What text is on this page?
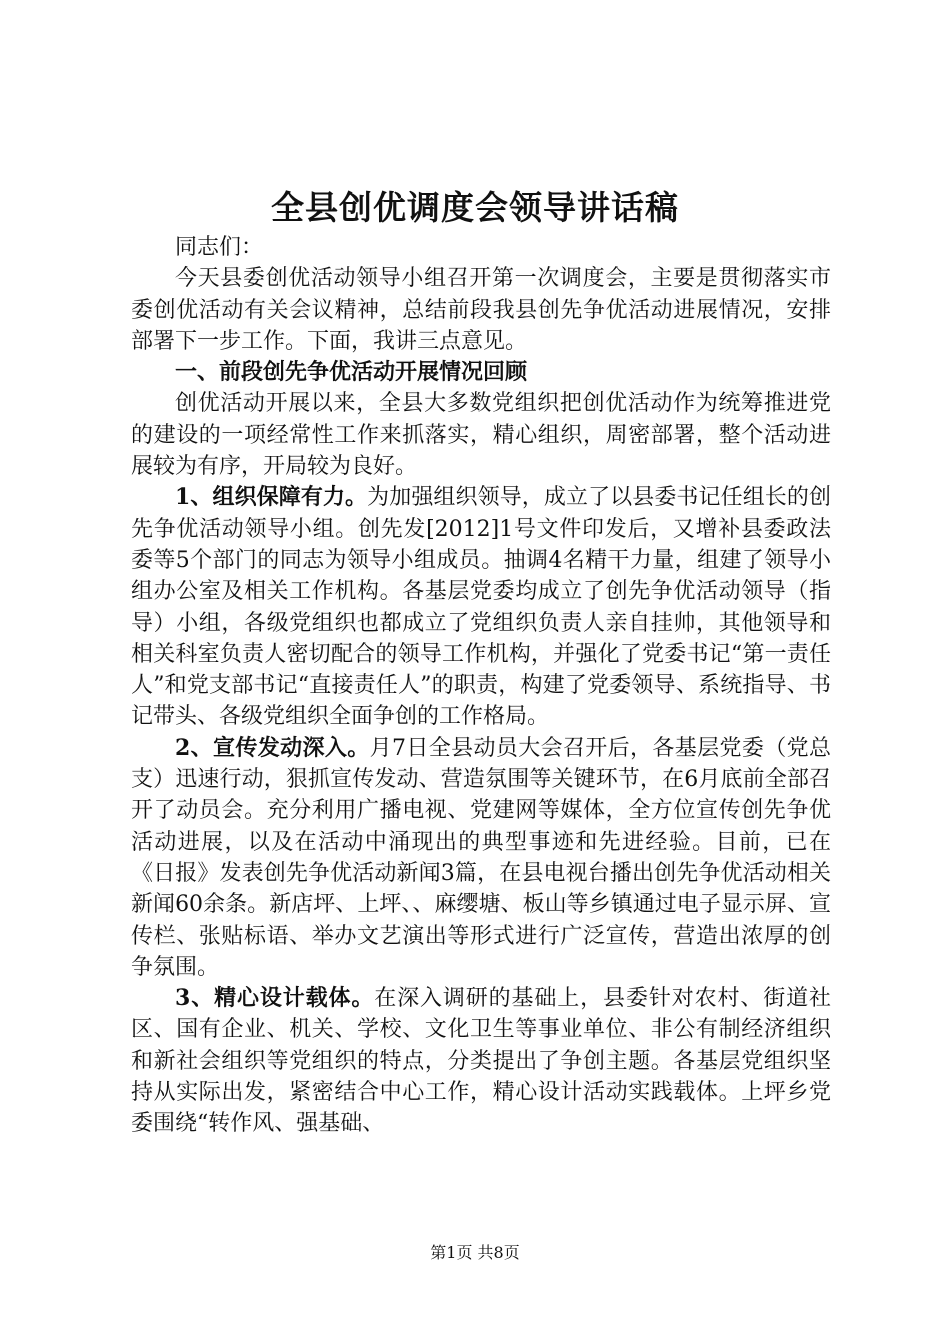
全县创优调度会领导讲话稿

同志们：

今天县委创优活动领导小组召开第一次调度会，主要是贯彻落实市委创优活动有关会议精神，总结前段我县创先争优活动进展情况，安排部署下一步工作。下面，我讲三点意见。

一、前段创先争优活动开展情况回顾

创优活动开展以来，全县大多数党组织把创优活动作为统筹推进党的建设的一项经常性工作来抓落实，精心组织，周密部署，整个活动进展较为有序，开局较为良好。

1、组织保障有力。为加强组织领导，成立了以县委书记任组长的创先争优活动领导小组。创先发[2012]1号文件印发后，又增补县委政法委等5个部门的同志为领导小组成员。抽调4名精干力量，组建了领导小组办公室及相关工作机构。各基层党委均成立了创先争优活动领导（指导）小组，各级党组织也都成立了党组织负责人亲自挂帅，其他领导和相关科室负责人密切配合的领导工作机构，并强化了党委书记“第一责任人”和党支部书记“直接责任人”的职责，构建了党委领导、系统指导、书记带头、各级党组织全面争创的工作格局。

2、宣传发动深入。月7日全县动员大会召开后，各基层党委（党总支）迅速行动，狠抓宣传发动、营造氛围等关键环节，在6月底前全部召开了动员会。充分利用广播电视、党建网等媒体，全方位宣传创先争优活动进展，以及在活动中涌现出的典型事迹和先进经验。目前，已在《日报》发表创先争优活动新闻3篇，在县电视台播出创先争优活动相关新闻60余条。新店坪、上坪、、麻缨塘、板山等乡镇通过电子显示屏、宣传栏、张贴标语、举办文艺演出等形式进行广泛宣传，营造出浓厚的创争氛围。

3、精心设计载体。在深入调研的基础上，县委针对农村、街道社区、国有企业、机关、学校、文化卫生等事业单位、非公有制经济组织和新社会组织等党组织的特点，分类提出了争创主题。各基层党组织坚持从实际出发，紧密结合中心工作，精心设计活动实践载体。上坪乡党委围绕“转作风、强基础、

第1页 共8页
